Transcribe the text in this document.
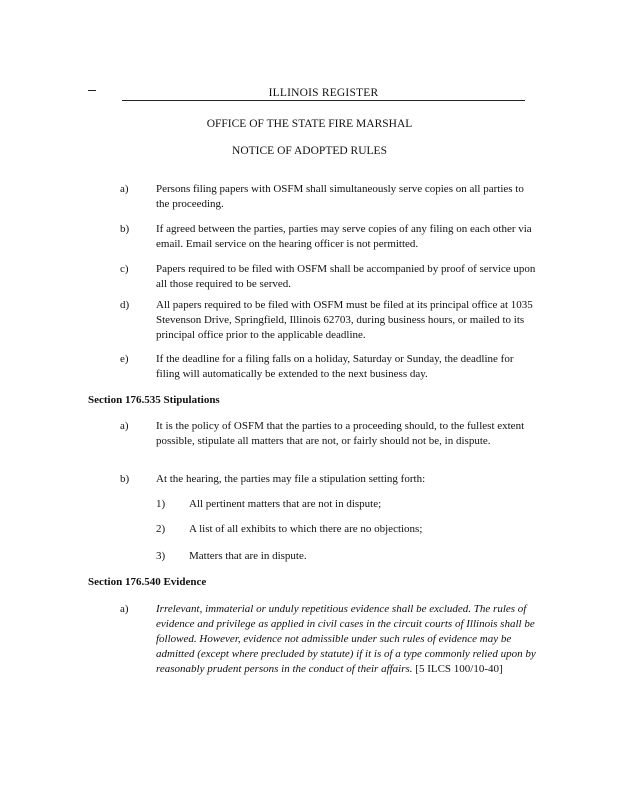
ILLINOIS REGISTER
OFFICE OF THE STATE FIRE MARSHAL
NOTICE OF ADOPTED RULES
a) Persons filing papers with OSFM shall simultaneously serve copies on all parties to the proceeding.
b) If agreed between the parties, parties may serve copies of any filing on each other via email. Email service on the hearing officer is not permitted.
c) Papers required to be filed with OSFM shall be accompanied by proof of service upon all those required to be served.
d) All papers required to be filed with OSFM must be filed at its principal office at 1035 Stevenson Drive, Springfield, Illinois 62703, during business hours, or mailed to its principal office prior to the applicable deadline.
e) If the deadline for a filing falls on a holiday, Saturday or Sunday, the deadline for filing will automatically be extended to the next business day.
Section 176.535 Stipulations
a) It is the policy of OSFM that the parties to a proceeding should, to the fullest extent possible, stipulate all matters that are not, or fairly should not be, in dispute.
b) At the hearing, the parties may file a stipulation setting forth:
1) All pertinent matters that are not in dispute;
2) A list of all exhibits to which there are no objections;
3) Matters that are in dispute.
Section 176.540 Evidence
a) Irrelevant, immaterial or unduly repetitious evidence shall be excluded. The rules of evidence and privilege as applied in civil cases in the circuit courts of Illinois shall be followed. However, evidence not admissible under such rules of evidence may be admitted (except where precluded by statute) if it is of a type commonly relied upon by reasonably prudent persons in the conduct of their affairs. [5 ILCS 100/10-40]
